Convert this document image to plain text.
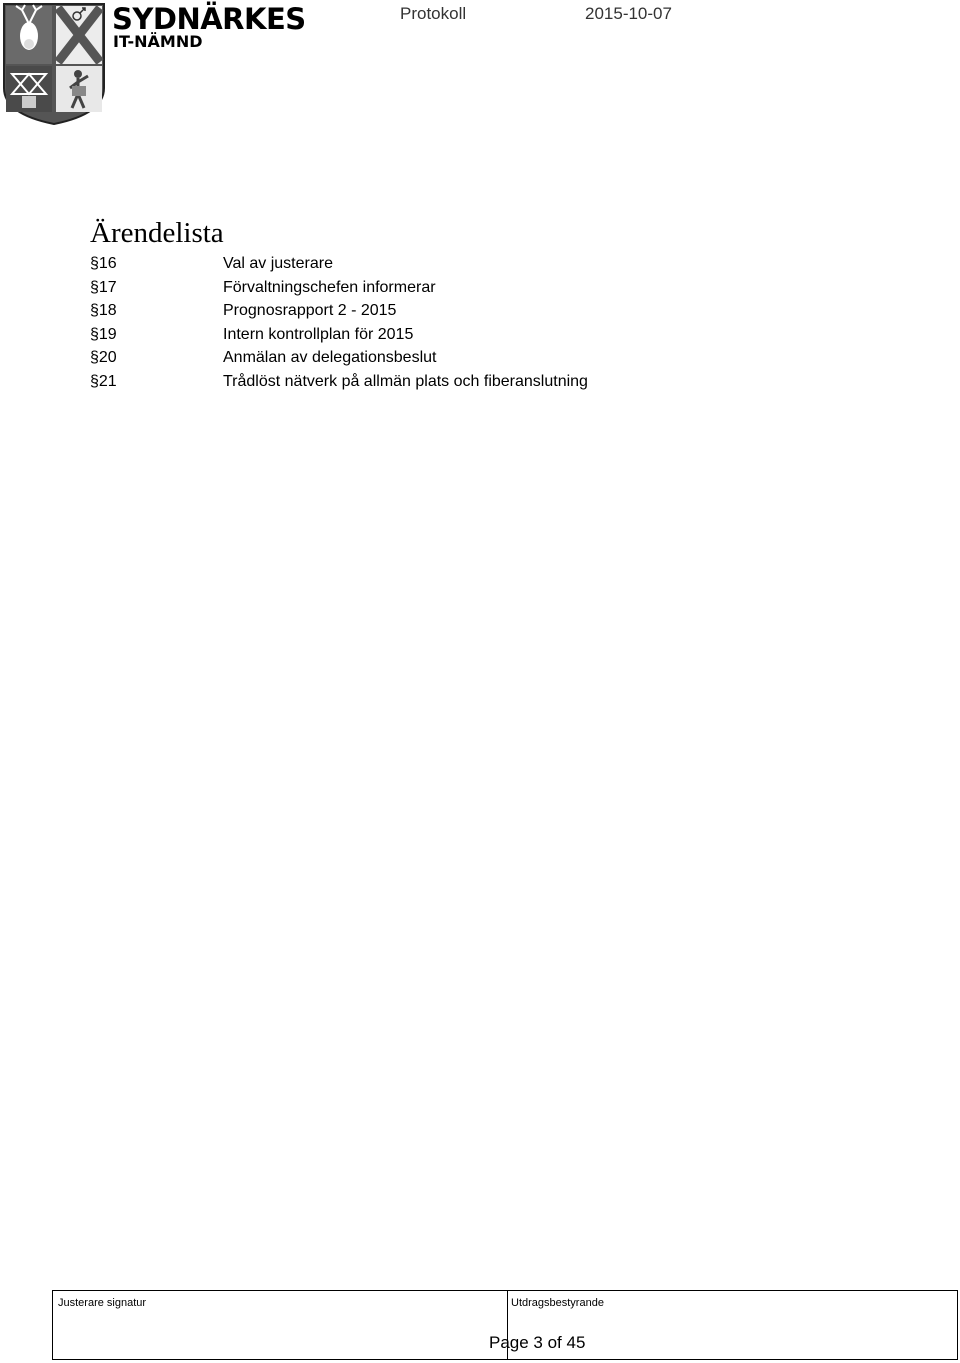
SYDNÄRKES
IT-NÄMND
Protokoll	2015-10-07
Ärendelista
§16	Val av justerare
§17	Förvaltningschefen informerar
§18	Prognosrapport 2 - 2015
§19	Intern kontrollplan för 2015
§20	Anmälan av delegationsbeslut
§21	Trådlöst nätverk på allmän plats och fiberanslutning
Justerare signatur	Utdragsbestyrande
Page 3 of 45
